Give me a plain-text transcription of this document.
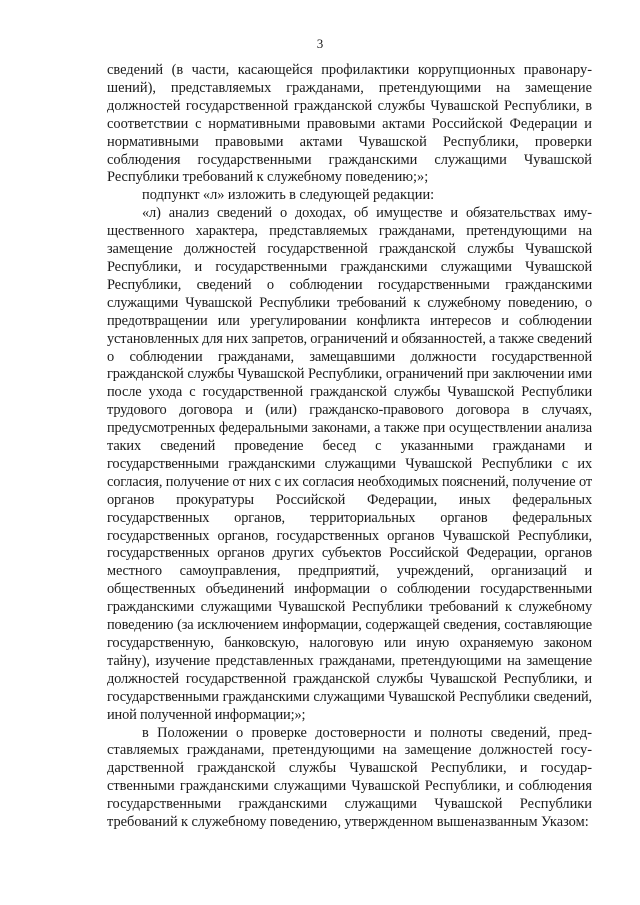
3

сведений (в части, касающейся профилактики коррупционных правонарушений), представляемых гражданами, претендующими на замещение должностей государственной гражданской службы Чувашской Республики, в соответствии с нормативными правовыми актами Российской Федерации и нормативными правовыми актами Чувашской Республики, проверки соблюдения государственными гражданскими служащими Чувашской Республики требований к служебному поведению;»;

подпункт «л» изложить в следующей редакции:

«л) анализ сведений о доходах, об имуществе и обязательствах имущественного характера, представляемых гражданами, претендующими на замещение должностей государственной гражданской службы Чувашской Республики, и государственными гражданскими служащими Чувашской Республики, сведений о соблюдении государственными гражданскими служащими Чувашской Республики требований к служебному поведению, о предотвращении или урегулировании конфликта интересов и соблюдении установленных для них запретов, ограничений и обязанностей, а также сведений о соблюдении гражданами, замещавшими должности государственной гражданской службы Чувашской Республики, ограничений при заключении ими после ухода с государственной гражданской службы Чувашской Республики трудового договора и (или) гражданско-правового договора в случаях, предусмотренных федеральными законами, а также при осуществлении анализа таких сведений проведение бесед с указанными гражданами и государственными гражданскими служащими Чувашской Республики с их согласия, получение от них с их согласия необходимых пояснений, получение от органов прокуратуры Российской Федерации, иных федеральных государственных органов, территориальных органов федеральных государственных органов, государственных органов Чувашской Республики, государственных органов других субъектов Российской Федерации, органов местного самоуправления, предприятий, учреждений, организаций и общественных объединений информации о соблюдении государственными гражданскими служащими Чувашской Республики требований к служебному поведению (за исключением информации, содержащей сведения, составляющие государственную, банковскую, налоговую или иную охраняемую законом тайну), изучение представленных гражданами, претендующими на замещение должностей государственной гражданской службы Чувашской Республики, и государственными гражданскими служащими Чувашской Республики сведений, иной полученной информации;»;

в Положении о проверке достоверности и полноты сведений, представляемых гражданами, претендующими на замещение должностей государственной гражданской службы Чувашской Республики, и государственными гражданскими служащими Чувашской Республики, и соблюдения государственными гражданскими служащими Чувашской Республики требований к служебному поведению, утвержденном вышеназванным Указом:
